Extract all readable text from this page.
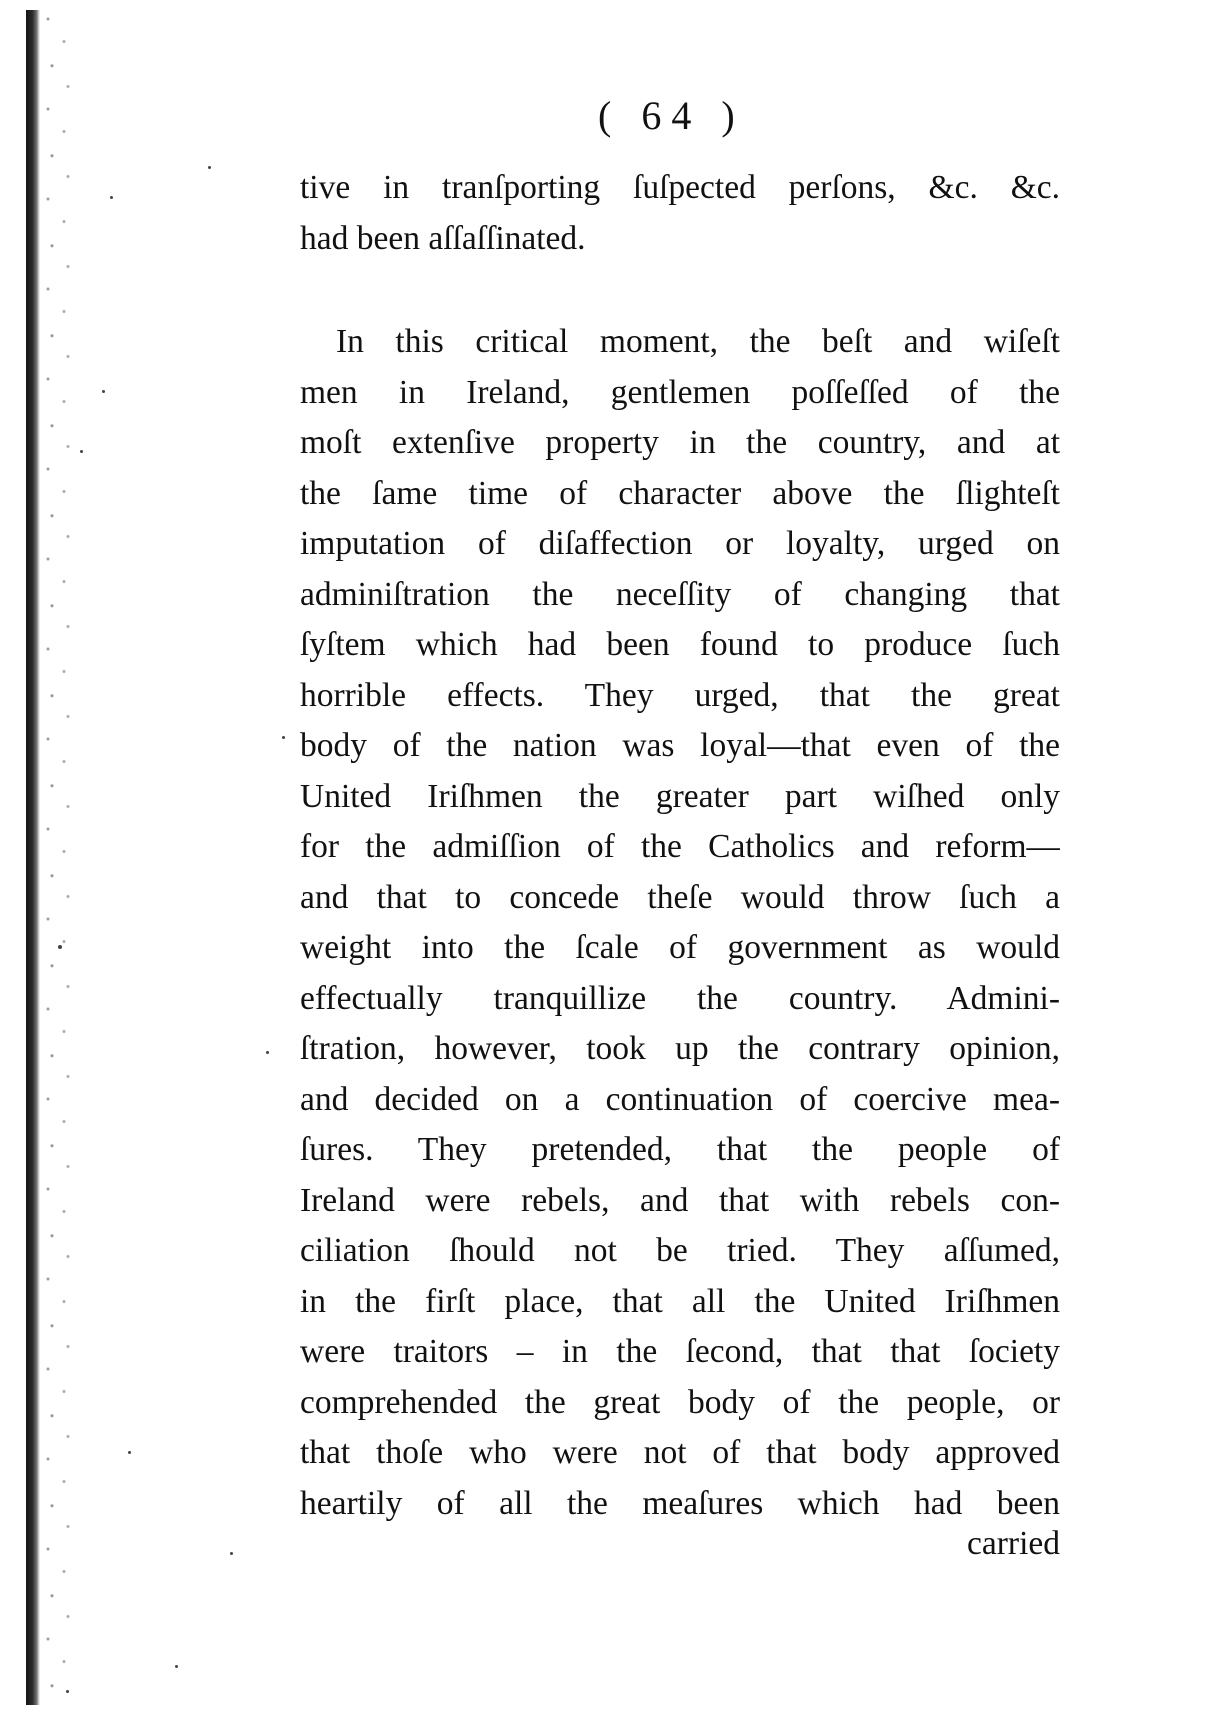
( 64 )
tive in tranſporting ſuſpected perſons, &c. &c.
had been aſſaſſinated.
In this critical moment, the beſt and wiſeſt
men in Ireland, gentlemen poſſeſſed of the
moſt extenſive property in the country, and at
the ſame time of character above the ſlighteſt
imputation of diſaffection or loyalty, urged on
adminiſtration the neceſſity of changing that
ſyſtem which had been found to produce ſuch
horrible effects. They urged, that the great
body of the nation was loyal—that even of the
United Iriſhmen the greater part wiſhed only
for the admiſſion of the Catholics and reform—
and that to concede theſe would throw ſuch a
weight into the ſcale of government as would
effectually tranquillize the country. Admini-
ſtration, however, took up the contrary opinion,
and decided on a continuation of coercive mea-
ſures. They pretended, that the people of
Ireland were rebels, and that with rebels con-
ciliation ſhould not be tried. They aſſumed,
in the firſt place, that all the United Iriſhmen
were traitors – in the ſecond, that that ſociety
comprehended the great body of the people, or
that thoſe who were not of that body approved
heartily of all the meaſures which had been
carried
